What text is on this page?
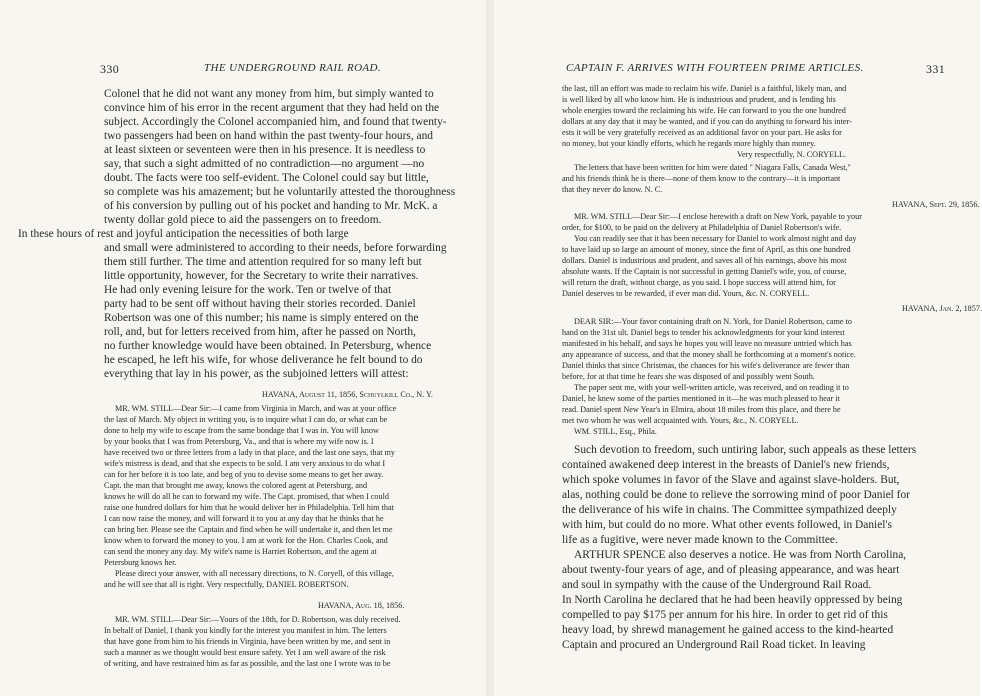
330	THE UNDERGROUND RAIL ROAD.
Colonel that he did not want any money from him, but simply wanted to
convince him of his error in the recent argument that they had held on the
subject. Accordingly the Colonel accompanied him, and found that twenty-
two passengers had been on hand within the past twenty-four hours, and
at least sixteen or seventeen were then in his presence. It is needless to
say, that such a sight admitted of no contradiction—no argument —no
doubt. The facts were too self-evident. The Colonel could say but little,
so complete was his amazement; but he voluntarily attested the thoroughness
of his conversion by pulling out of his pocket and handing to Mr. McK. a
twenty dollar gold piece to aid the passengers on to freedom.
In these hours of rest and joyful anticipation the necessities of both large
and small were administered to according to their needs, before forwarding
them still further. The time and attention required for so many left but
little opportunity, however, for the Secretary to write their narratives.
He had only evening leisure for the work. Ten or twelve of that
party had to be sent off without having their stories recorded. Daniel
Robertson was one of this number; his name is simply entered on the
roll, and, but for letters received from him, after he passed on North,
no further knowledge would have been obtained. In Petersburg, whence
he escaped, he left his wife, for whose deliverance he felt bound to do
everything that lay in his power, as the subjoined letters will attest:
HAVANA, August 11, 1856, Schuylkill Co., N. Y.
MR. WM. STILL—Dear Sir:—I came from Virginia in March, and was at your office
the last of March. My object in writing you, is to inquire what I can do, or what can be
done to help my wife to escape from the same bondage that I was in. You will know
by your books that I was from Petersburg, Va., and that is where my wife now is. I
have received two or three letters from a lady in that place, and the last one says, that my
wife's mistress is dead, and that she expects to be sold. I am very anxious to do what I
can for her before it is too late, and beg of you to devise some means to get her away.
Capt. the man that brought me away, knows the colored agent at Petersburg, and
knows he will do all he can to forward my wife. The Capt. promised, that when I could
raise one hundred dollars for him that he would deliver her in Philadelphia. Tell him that
I can now raise the money, and will forward it to you at any day that he thinks that he
can bring her. Please see the Captain and find when he will undertake it, and then let me
know when to forward the money to you. I am at work for the Hon. Charles Cook, and
can send the money any day. My wife's name is Harriet Robertson, and the agent at
Petersburg knows her.
Please direct your answer, with all necessary directions, to N. Coryell, of this village,
and he will see that all is right. Very respectfully, DANIEL ROBERTSON.
HAVANA, Aug. 18, 1856.
MR. WM. STILL—Dear Sir:—Yours of the 18th, for D. Robertson, was duly received.
In behalf of Daniel, I thank you kindly for the interest you manifest in him. The letters
that have gone from him to his friends in Virginia, have been written by me, and sent in
such a manner as we thought would best ensure safety. Yet I am well aware of the risk
of writing, and have restrained him as far as possible, and the last one I wrote was to be
CAPTAIN F. ARRIVES WITH FOURTEEN PRIME ARTICLES.	331
the last, till an effort was made to reclaim his wife. Daniel is a faithful, likely man, and
is well liked by all who know him. He is industrious and prudent, and is lending his
whole energies toward the reclaiming his wife. He can forward to you the one hundred
dollars at any day that it may be wanted, and if you can do anything to forward his inter-
ests it will be very gratefully received as an additional favor on your part. He asks for
no money, but your kindly efforts, which he regards more highly than money.
Very respectfully, N. CORYELL.
The letters that have been written for him were dated " Niagara Falls, Canada West,"
and his friends think he is there—none of them know to the contrary—it is important
that they never do know. N. C.
HAVANA, Sept. 29, 1856.
MR. WM. STILL—Dear Sir:—I enclose herewith a draft on New York, payable to your
order, for $100, to be paid on the delivery at Philadelphia of Daniel Robertson's wife.
You can readily see that it has been necessary for Daniel to work almost night and day
to have laid up so large an amount of money, since the first of April, as this one hundred
dollars. Daniel is industrious and prudent, and saves all of his earnings, above his most
absolute wants. If the Captain is not successful in getting Daniel's wife, you, of course,
will return the draft, without charge, as you said. I hope success will attend him, for
Daniel deserves to be rewarded, if ever man did. Yours, &c. N. CORYELL.
HAVANA, Jan. 2, 1857.
DEAR SIR:—Your favor containing draft on N. York, for Daniel Robertson, came to
hand on the 31st ult. Daniel begs to tender his acknowledgments for your kind interest
manifested in his behalf, and says he hopes you will leave no measure untried which has
any appearance of success, and that the money shall be forthcoming at a moment's notice.
Daniel thinks that since Christmas, the chances for his wife's deliverance are fewer than
before, for at that time he fears she was disposed of and possibly went South.
The paper sent me, with your well-written article, was received, and on reading it to
Daniel, he knew some of the parties mentioned in it—he was much pleased to hear it
read. Daniel spent New Year's in Elmira, about 18 miles from this place, and there he
met two whom he was well acquainted with. Yours, &c., N. CORYELL.
WM. STILL, Esq., Phila.
Such devotion to freedom, such untiring labor, such appeals as these letters
contained awakened deep interest in the breasts of Daniel's new friends,
which spoke volumes in favor of the Slave and against slave-holders. But,
alas, nothing could be done to relieve the sorrowing mind of poor Daniel for
the deliverance of his wife in chains. The Committee sympathized deeply
with him, but could do no more. What other events followed, in Daniel's
life as a fugitive, were never made known to the Committee.
ARTHUR SPENCE also deserves a notice. He was from North Carolina,
about twenty-four years of age, and of pleasing appearance, and was heart
and soul in sympathy with the cause of the Underground Rail Road.
In North Carolina he declared that he had been heavily oppressed by being
compelled to pay $175 per annum for his hire. In order to get rid of this
heavy load, by shrewd management he gained access to the kind-hearted
Captain and procured an Underground Rail Road ticket. In leaving
